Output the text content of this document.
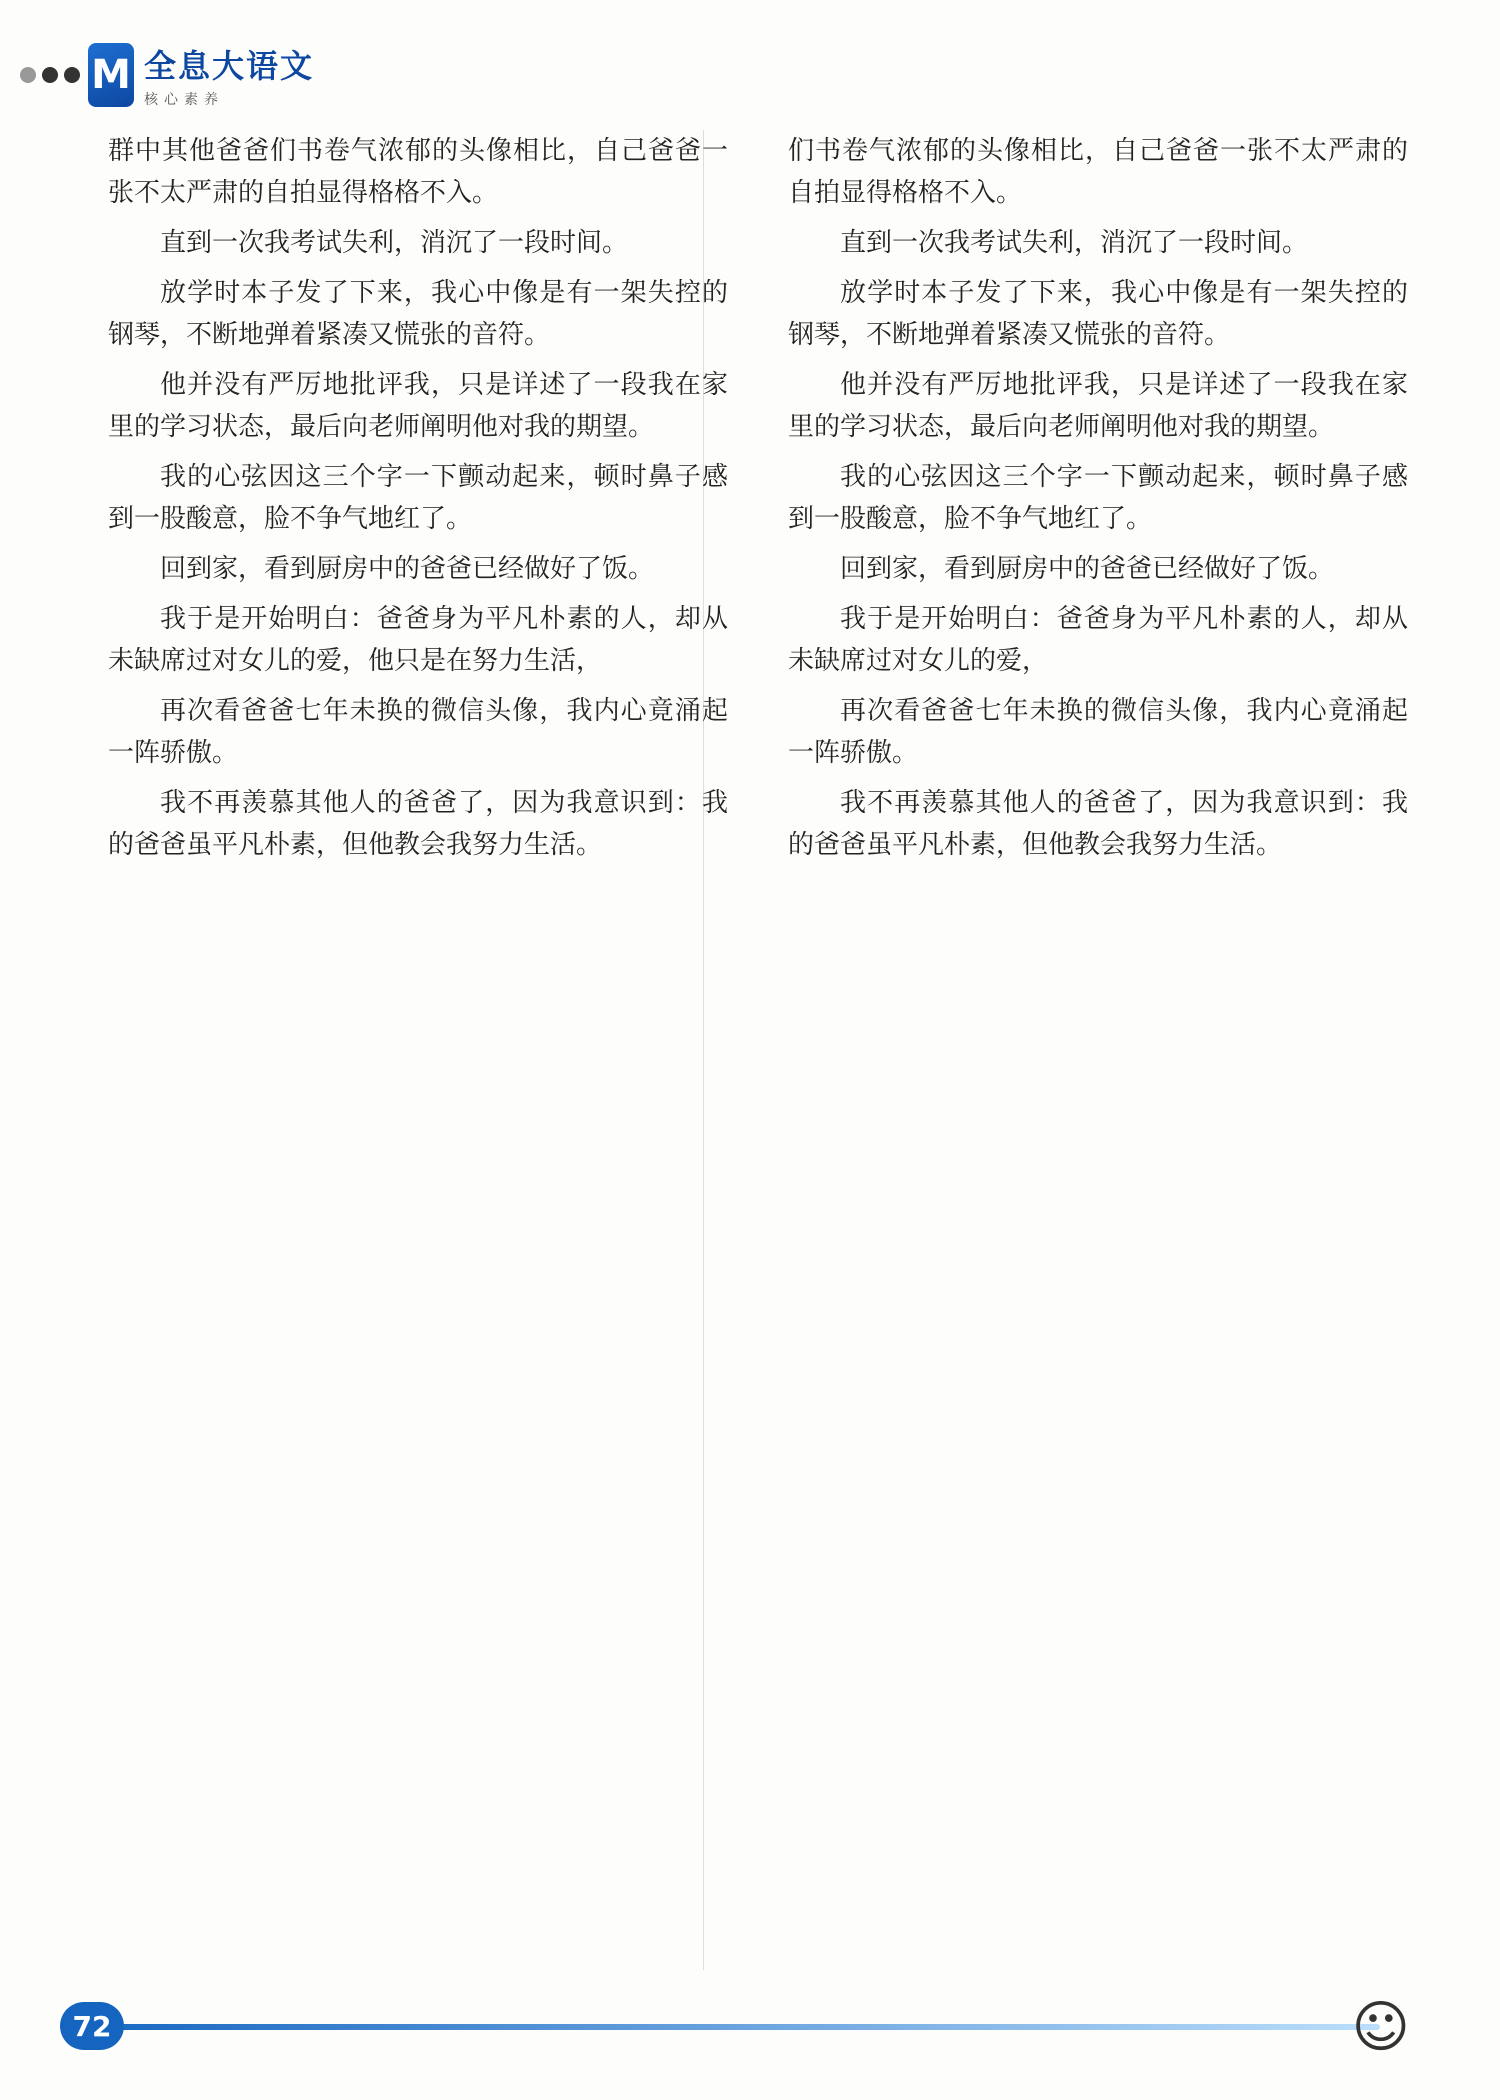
M 全息大语文
核心素养

群中其他爸爸们书卷气浓郁的头像相比，自己爸爸一张不太严肃的自拍显得格格不入。

直到一次我考试失利，消沉了一段时间。

放学时本子发了下来，我心中像是有一架失控的钢琴，不断地弹着紧凑又慌张的音符。

他并没有严厉地批评我，只是详述了一段我在家里的学习状态，最后向老师阐明他对我的期望。

我的心弦因这三个字一下颤动起来，顿时鼻子感到一股酸意，脸不争气地红了。

回到家，看到厨房中的爸爸已经做好了饭。

我于是开始明白：爸爸身为平凡朴素的人，却从未缺席过对女儿的爱，他只是在努力生活，

再次看爸爸七年未换的微信头像，我内心竟涌起一阵骄傲。

我不再羡慕其他人的爸爸了，因为我意识到：我的爸爸虽平凡朴素，但他教会我努力生活。

们书卷气浓郁的头像相比，自己爸爸一张不太严肃的自拍显得格格不入。

直到一次我考试失利，消沉了一段时间。

放学时本子发了下来，我心中像是有一架失控的钢琴，不断地弹着紧凑又慌张的音符。

他并没有严厉地批评我，只是详述了一段我在家里的学习状态，最后向老师阐明他对我的期望。

我的心弦因这三个字一下颤动起来，顿时鼻子感到一股酸意，脸不争气地红了。

回到家，看到厨房中的爸爸已经做好了饭。

我于是开始明白：爸爸身为平凡朴素的人，却从未缺席过对女儿的爱，

再次看爸爸七年未换的微信头像，我内心竟涌起一阵骄傲。

我不再羡慕其他人的爸爸了，因为我意识到：我的爸爸虽平凡朴素，但他教会我努力生活。

72	☺
